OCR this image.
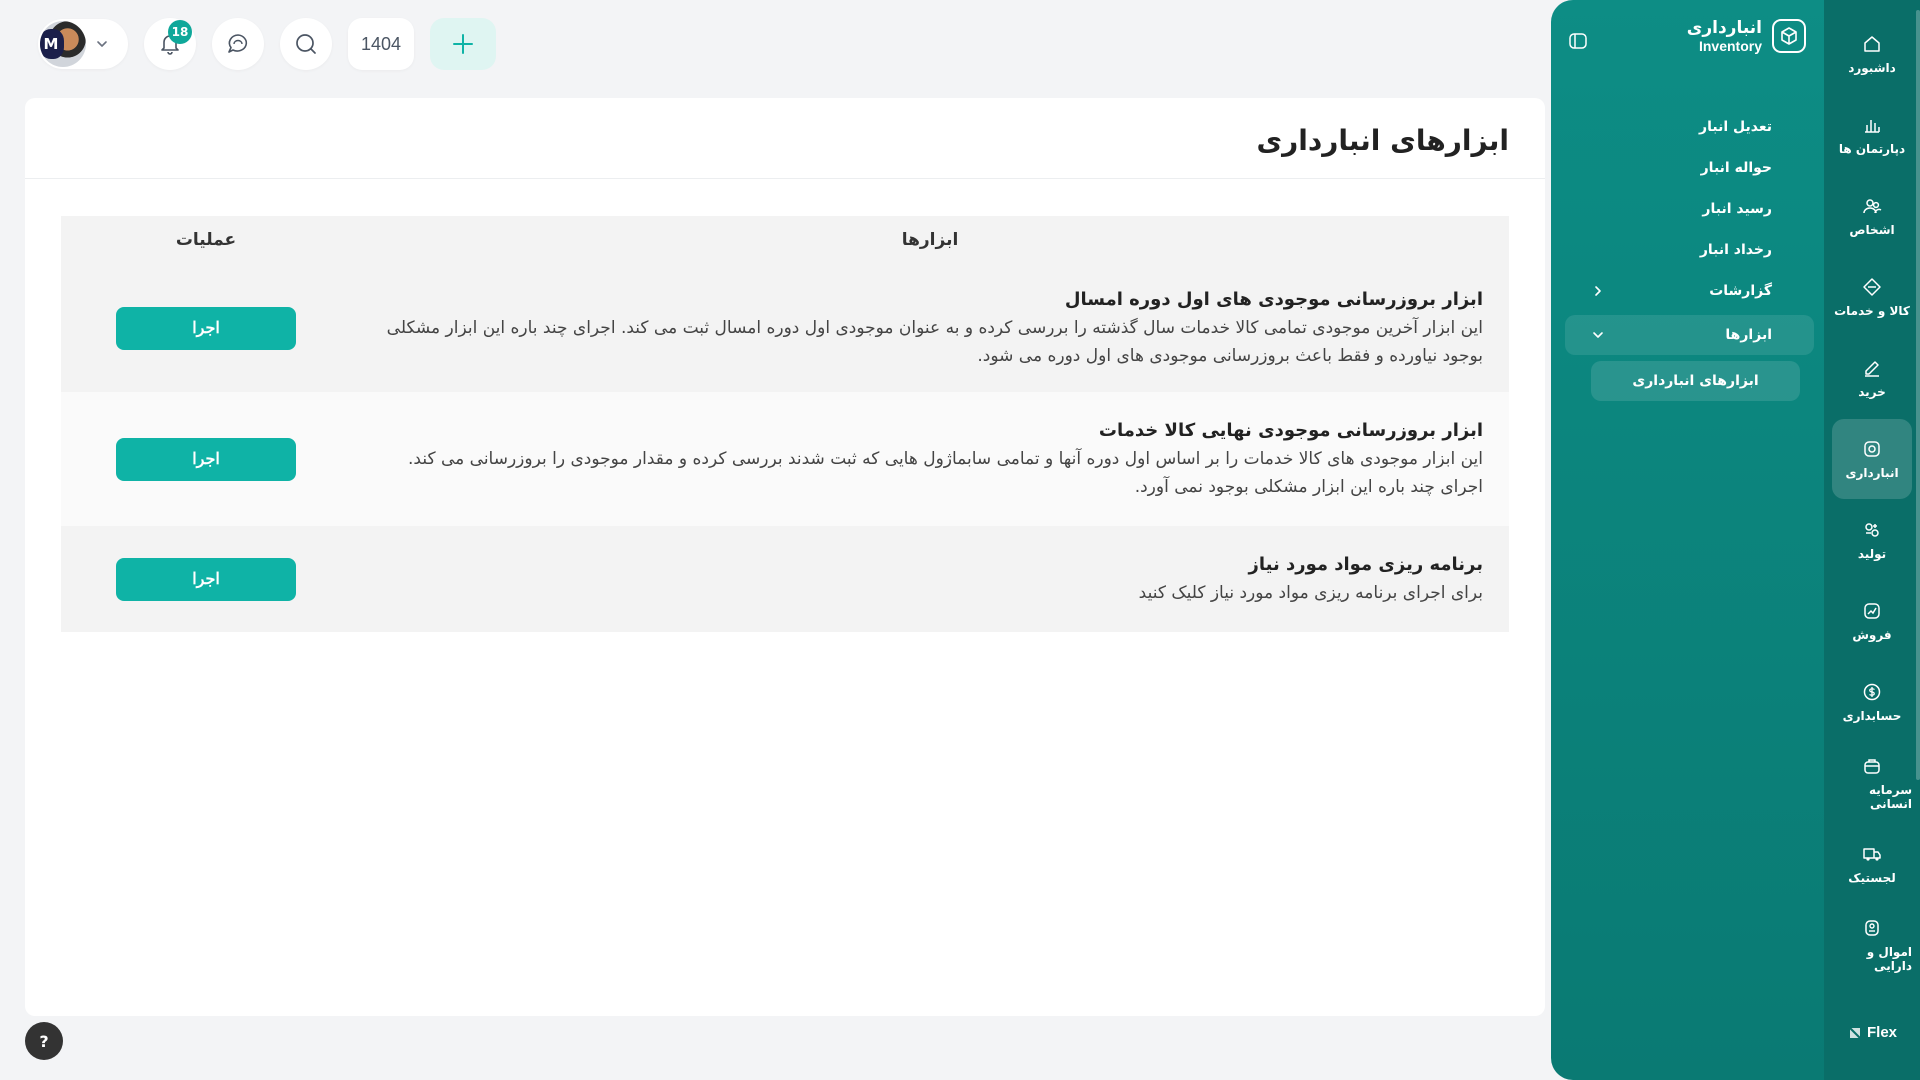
M
18
1404
ابزارهای انبارداری
ابزارها
عملیات
ابزار بروزرسانی موجودی های اول دوره امسال
این ابزار آخرین موجودی تمامی کالا خدمات سال گذشته را بررسی کرده و به عنوان موجودی اول دوره امسال ثبت می کند. اجرای چند باره این ابزار مشکلی بوجود نیاورده و فقط باعث بروزرسانی موجودی های اول دوره می شود.
اجرا
ابزار بروزرسانی موجودی نهایی کالا خدمات
این ابزار موجودی های کالا خدمات را بر اساس اول دوره آنها و تمامی سابماژول هایی که ثبت شدند بررسی کرده و مقدار موجودی را بروزرسانی می کند. اجرای چند باره این ابزار مشکلی بوجود نمی آورد.
اجرا
برنامه ریزی مواد مورد نیاز
برای اجرای برنامه ریزی مواد مورد نیاز کلیک کنید
اجرا
?
انبارداری
Inventory
تعدیل انبار
حواله انبار
رسید انبار
رخداد انبار
گزارشات
ابزارها
ابزارهای انبارداری
داشبورد
دپارتمان ها
اشخاص
کالا و خدمات
خرید
انبارداری
تولید
فروش
حسابداری
سرمایه انسانی
لجستیک
اموال و دارایی
Flex
